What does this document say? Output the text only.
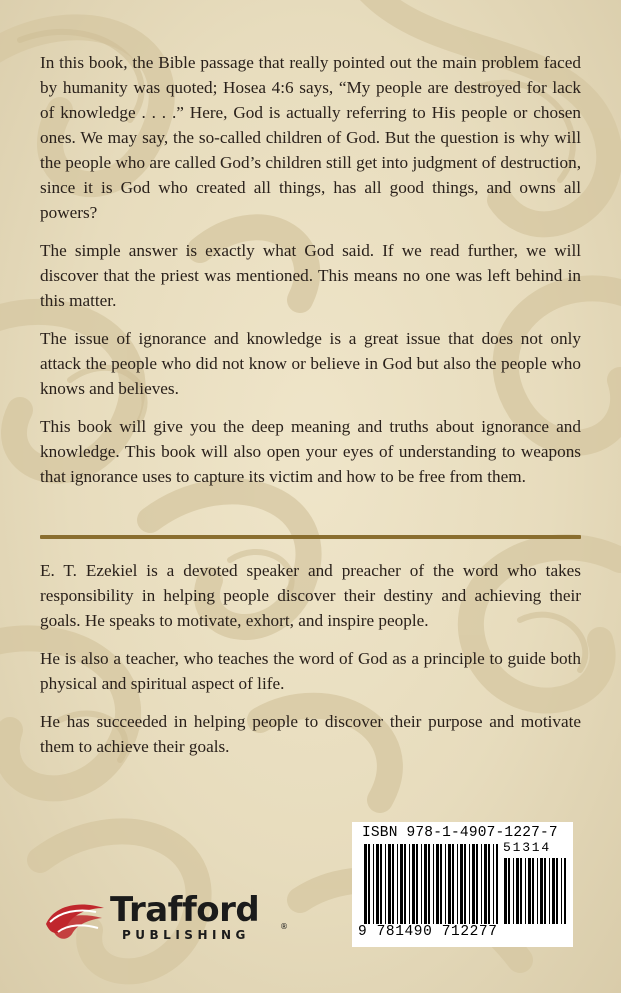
In this book, the Bible passage that really pointed out the main problem faced by humanity was quoted; Hosea 4:6 says, “My people are destroyed for lack of knowledge . . . .” Here, God is actually referring to His people or chosen ones. We may say, the so-called children of God. But the question is why will the people who are called God’s children still get into judgment of destruction, since it is God who created all things, has all good things, and owns all powers?

The simple answer is exactly what God said. If we read further, we will discover that the priest was mentioned. This means no one was left behind in this matter.

The issue of ignorance and knowledge is a great issue that does not only attack the people who did not know or believe in God but also the people who knows and believes.

This book will give you the deep meaning and truths about ignorance and knowledge. This book will also open your eyes of understanding to weapons that ignorance uses to capture its victim and how to be free from them.

E. T. Ezekiel is a devoted speaker and preacher of the word who takes responsibility in helping people discover their destiny and achieving their goals. He speaks to motivate, exhort, and inspire people.

He is also a teacher, who teaches the word of God as a principle to guide both physical and spiritual aspect of life.

He has succeeded in helping people to discover their purpose and motivate them to achieve their goals.

ISBN 978-1-4907-1227-7
51314
9 781490 712277
Trafford	®
PUBLISHING
